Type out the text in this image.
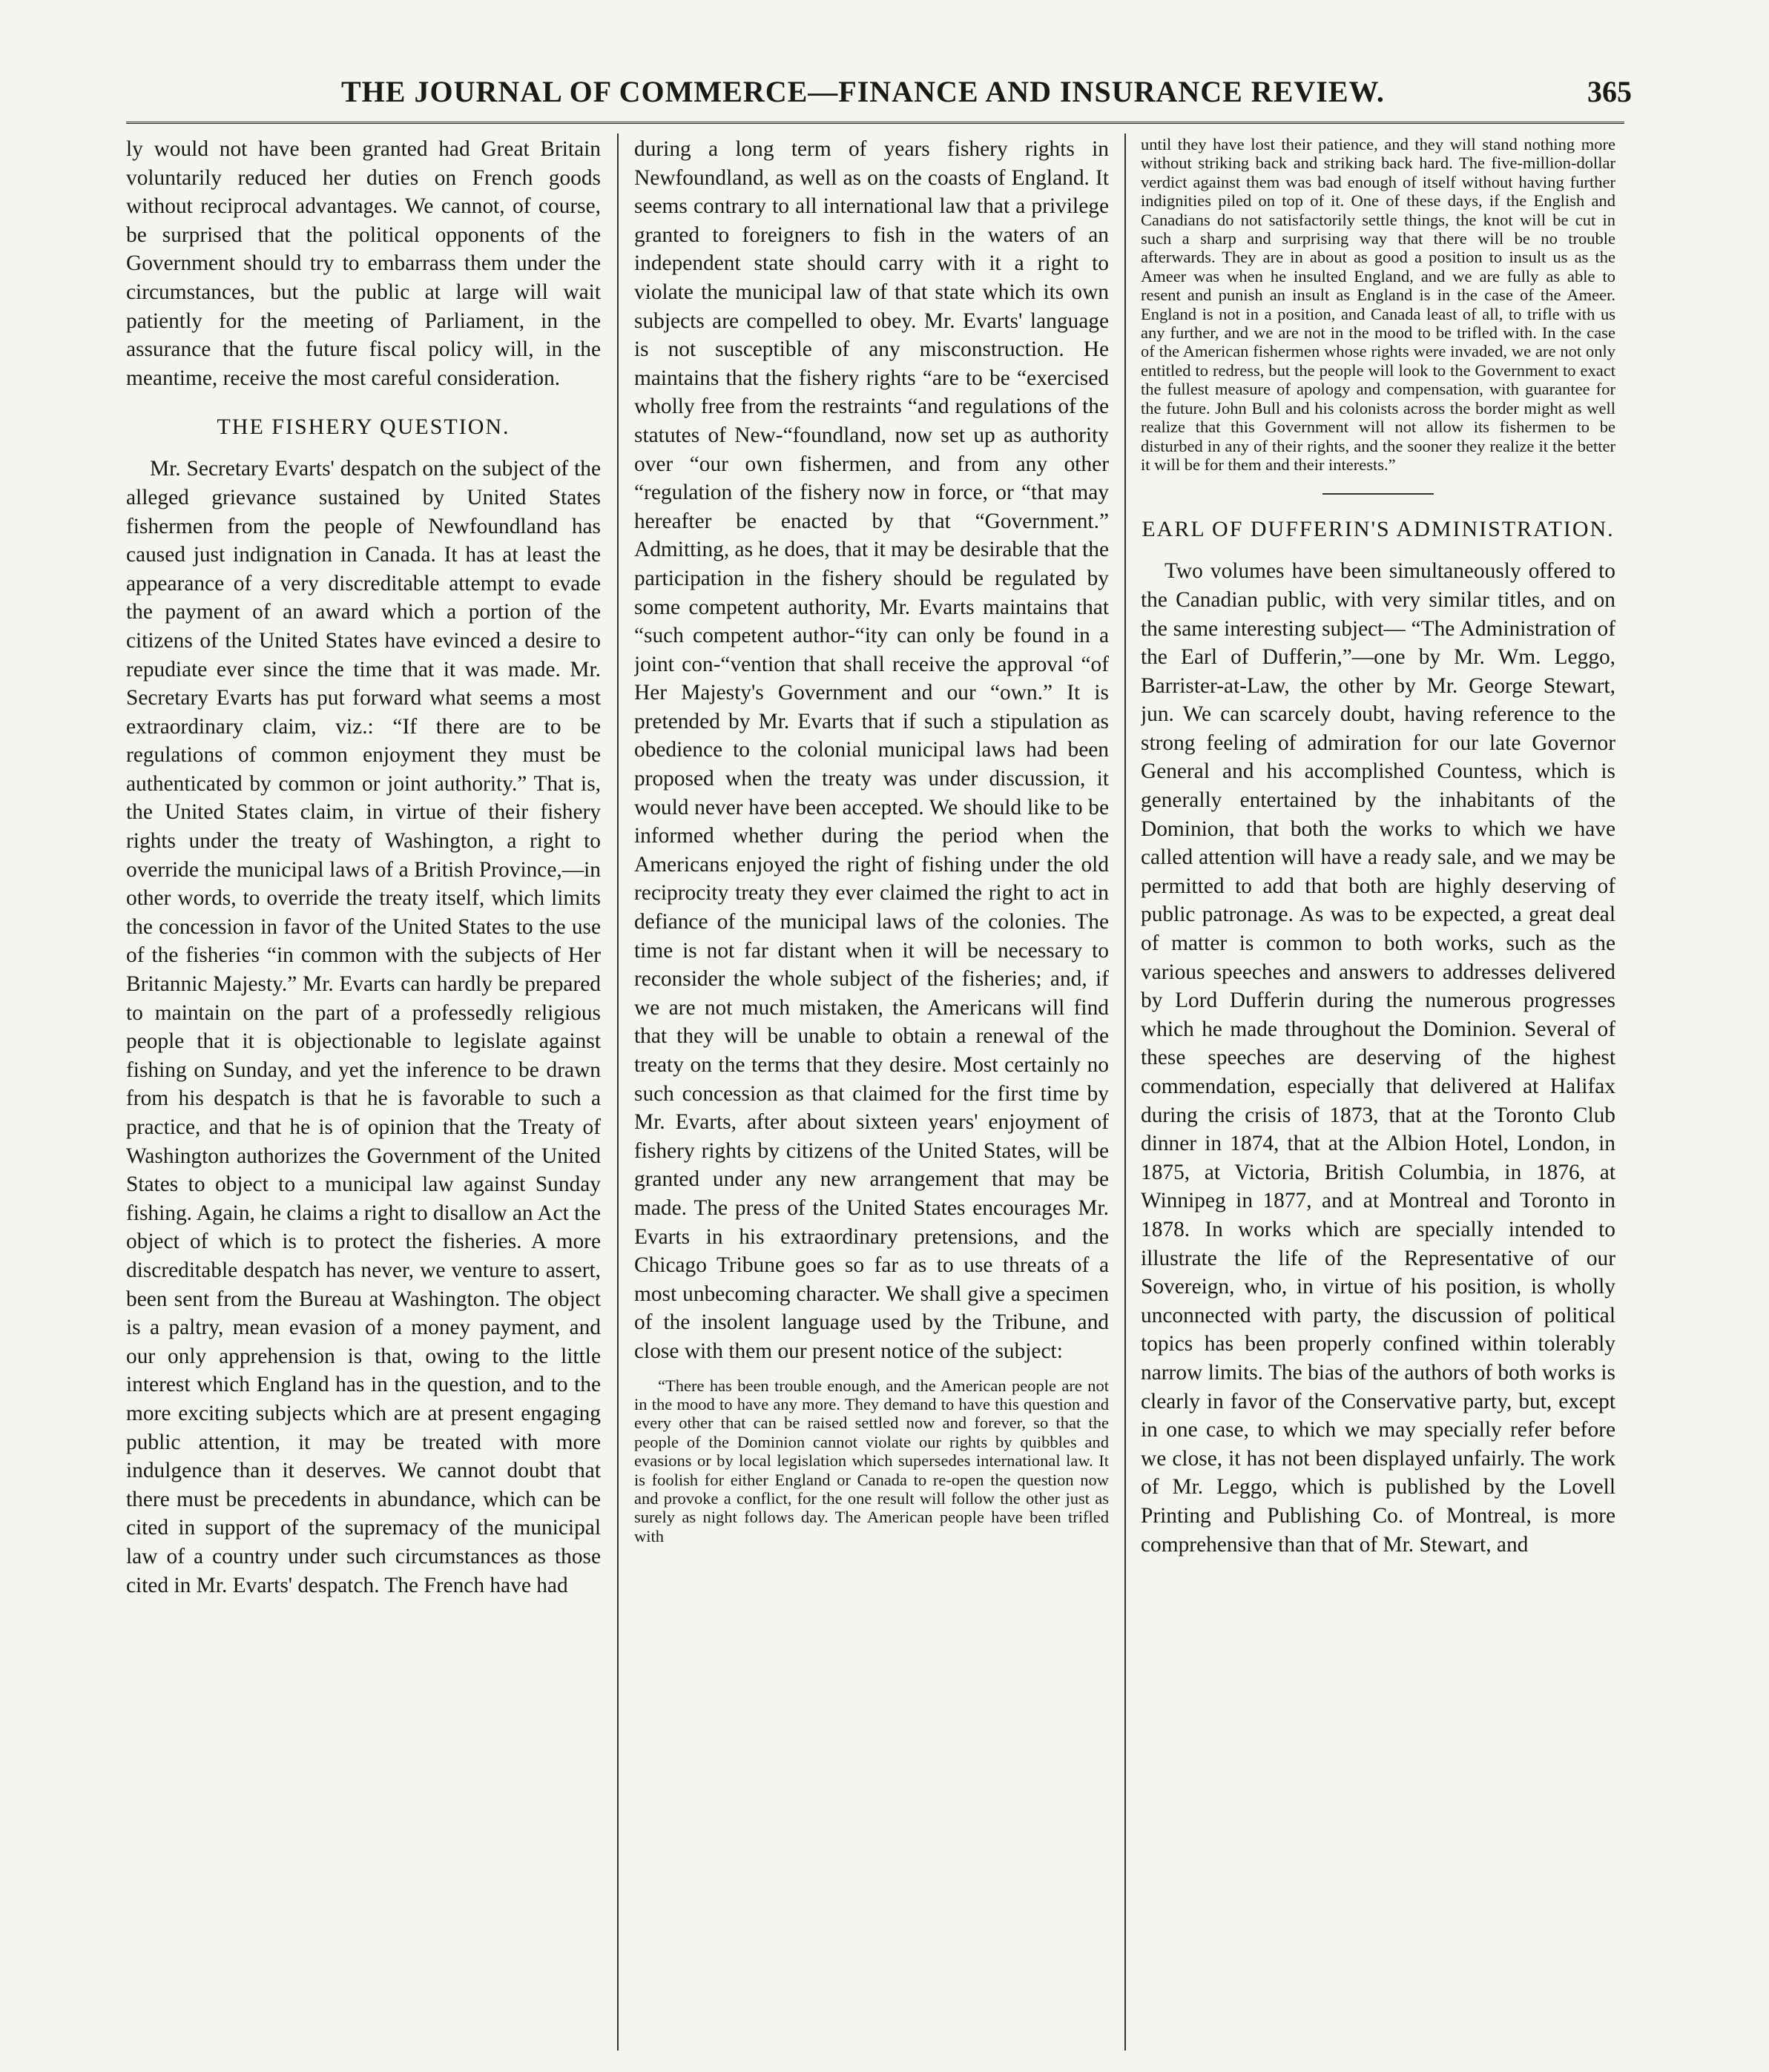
THE JOURNAL OF COMMERCE—FINANCE AND INSURANCE REVIEW.	365

ly would not have been granted had Great Britain voluntarily reduced her duties on French goods without reciprocal advantages. We cannot, of course, be surprised that the political opponents of the Government should try to embarrass them under the circumstances, but the public at large will wait patiently for the meeting of Parliament, in the assurance that the future fiscal policy will, in the meantime, receive the most careful consideration.

THE FISHERY QUESTION.

Mr. Secretary Evarts' despatch on the subject of the alleged grievance sustained by United States fishermen from the people of Newfoundland has caused just indignation in Canada. It has at least the appearance of a very discreditable attempt to evade the payment of an award which a portion of the citizens of the United States have evinced a desire to repudiate ever since the time that it was made. Mr. Secretary Evarts has put forward what seems a most extraordinary claim, viz.: “If there are to be regulations of common enjoyment they must be authenticated by common or joint authority.” That is, the United States claim, in virtue of their fishery rights under the treaty of Washington, a right to override the municipal laws of a British Province,—in other words, to override the treaty itself, which limits the concession in favor of the United States to the use of the fisheries “in common with the subjects of Her Britannic Majesty.” Mr. Evarts can hardly be prepared to maintain on the part of a professedly religious people that it is objectionable to legislate against fishing on Sunday, and yet the inference to be drawn from his despatch is that he is favorable to such a practice, and that he is of opinion that the Treaty of Washington authorizes the Government of the United States to object to a municipal law against Sunday fishing. Again, he claims a right to disallow an Act the object of which is to protect the fisheries. A more discreditable despatch has never, we venture to assert, been sent from the Bureau at Washington. The object is a paltry, mean evasion of a money payment, and our only apprehension is that, owing to the little interest which England has in the question, and to the more exciting subjects which are at present engaging public attention, it may be treated with more indulgence than it deserves. We cannot doubt that there must be precedents in abundance, which can be cited in support of the supremacy of the municipal law of a country under such circumstances as those cited in Mr. Evarts' despatch. The French have had

during a long term of years fishery rights in Newfoundland, as well as on the coasts of England. It seems contrary to all international law that a privilege granted to foreigners to fish in the waters of an independent state should carry with it a right to violate the municipal law of that state which its own subjects are compelled to obey. Mr. Evarts' language is not susceptible of any misconstruction. He maintains that the fishery rights “are to be “exercised wholly free from the restraints “and regulations of the statutes of New-“foundland, now set up as authority over “our own fishermen, and from any other “regulation of the fishery now in force, or “that may hereafter be enacted by that “Government.” Admitting, as he does, that it may be desirable that the participation in the fishery should be regulated by some competent authority, Mr. Evarts maintains that “such competent author-“ity can only be found in a joint con-“vention that shall receive the approval “of Her Majesty's Government and our “own.” It is pretended by Mr. Evarts that if such a stipulation as obedience to the colonial municipal laws had been proposed when the treaty was under discussion, it would never have been accepted. We should like to be informed whether during the period when the Americans enjoyed the right of fishing under the old reciprocity treaty they ever claimed the right to act in defiance of the municipal laws of the colonies. The time is not far distant when it will be necessary to reconsider the whole subject of the fisheries; and, if we are not much mistaken, the Americans will find that they will be unable to obtain a renewal of the treaty on the terms that they desire. Most certainly no such concession as that claimed for the first time by Mr. Evarts, after about sixteen years' enjoyment of fishery rights by citizens of the United States, will be granted under any new arrangement that may be made. The press of the United States encourages Mr. Evarts in his extraordinary pretensions, and the Chicago Tribune goes so far as to use threats of a most unbecoming character. We shall give a specimen of the insolent language used by the Tribune, and close with them our present notice of the subject:

“There has been trouble enough, and the American people are not in the mood to have any more. They demand to have this question and every other that can be raised settled now and forever, so that the people of the Dominion cannot violate our rights by quibbles and evasions or by local legislation which supersedes international law. It is foolish for either England or Canada to re-open the question now and provoke a conflict, for the one result will follow the other just as surely as night follows day. The American people have been trifled with

until they have lost their patience, and they will stand nothing more without striking back and striking back hard. The five-million-dollar verdict against them was bad enough of itself without having further indignities piled on top of it. One of these days, if the English and Canadians do not satisfactorily settle things, the knot will be cut in such a sharp and surprising way that there will be no trouble afterwards. They are in about as good a position to insult us as the Ameer was when he insulted England, and we are fully as able to resent and punish an insult as England is in the case of the Ameer. England is not in a position, and Canada least of all, to trifle with us any further, and we are not in the mood to be trifled with. In the case of the American fishermen whose rights were invaded, we are not only entitled to redress, but the people will look to the Government to exact the fullest measure of apology and compensation, with guarantee for the future. John Bull and his colonists across the border might as well realize that this Government will not allow its fishermen to be disturbed in any of their rights, and the sooner they realize it the better it will be for them and their interests.”

EARL OF DUFFERIN'S ADMINISTRATION.

Two volumes have been simultaneously offered to the Canadian public, with very similar titles, and on the same interesting subject— “The Administration of the Earl of Dufferin,”—one by Mr. Wm. Leggo, Barrister-at-Law, the other by Mr. George Stewart, jun. We can scarcely doubt, having reference to the strong feeling of admiration for our late Governor General and his accomplished Countess, which is generally entertained by the inhabitants of the Dominion, that both the works to which we have called attention will have a ready sale, and we may be permitted to add that both are highly deserving of public patronage. As was to be expected, a great deal of matter is common to both works, such as the various speeches and answers to addresses delivered by Lord Dufferin during the numerous progresses which he made throughout the Dominion. Several of these speeches are deserving of the highest commendation, especially that delivered at Halifax during the crisis of 1873, that at the Toronto Club dinner in 1874, that at the Albion Hotel, London, in 1875, at Victoria, British Columbia, in 1876, at Winnipeg in 1877, and at Montreal and Toronto in 1878. In works which are specially intended to illustrate the life of the Representative of our Sovereign, who, in virtue of his position, is wholly unconnected with party, the discussion of political topics has been properly confined within tolerably narrow limits. The bias of the authors of both works is clearly in favor of the Conservative party, but, except in one case, to which we may specially refer before we close, it has not been displayed unfairly. The work of Mr. Leggo, which is published by the Lovell Printing and Publishing Co. of Montreal, is more comprehensive than that of Mr. Stewart, and
